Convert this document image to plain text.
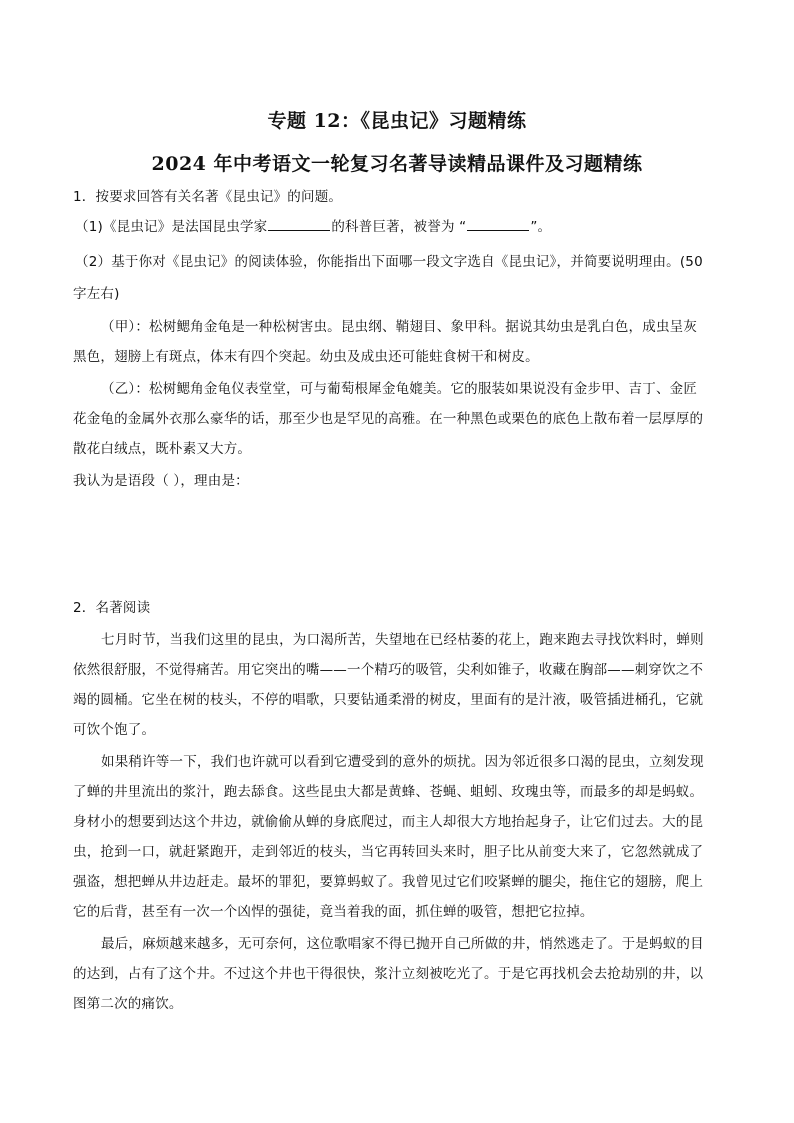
专题 12：《昆虫记》习题精练
2024 年中考语文一轮复习名著导读精品课件及习题精练
1．按要求回答有关名著《昆虫记》的问题。
（1)《昆虫记》是法国昆虫学家	的科普巨著，被誉为 “	”。
（2）基于你对《昆虫记》的阅读体验，你能指出下面哪一段文字选自《昆虫记》，并简要说明理由。(50
字左右)
（甲）：松树鳃角金龟是一种松树害虫。昆虫纲、鞘翅目、象甲科。据说其幼虫是乳白色，成虫呈灰
黑色，翅膀上有斑点，体末有四个突起。幼虫及成虫还可能蛀食树干和树皮。
（乙）：松树鳃角金龟仪表堂堂，可与葡萄根犀金龟媲美。它的服装如果说没有金步甲、吉丁、金匠
花金龟的金属外衣那么豪华的话，那至少也是罕见的高雅。在一种黑色或栗色的底色上散布着一层厚厚的
散花白绒点，既朴素又大方。
我认为是语段（ ），理由是：
2．名著阅读
七月时节，当我们这里的昆虫，为口渴所苦，失望地在已经枯萎的花上，跑来跑去寻找饮料时，蝉则
依然很舒服，不觉得痛苦。用它突出的嘴——一个精巧的吸管，尖利如锥子，收藏在胸部——刺穿饮之不
竭的圆桶。它坐在树的枝头，不停的唱歌，只要钻通柔滑的树皮，里面有的是汁液，吸管插进桶孔，它就
可饮个饱了。
如果稍许等一下，我们也许就可以看到它遭受到的意外的烦扰。因为邻近很多口渴的昆虫，立刻发现
了蝉的井里流出的浆汁，跑去舔食。这些昆虫大都是黄蜂、苍蝇、蛆蚓、玫瑰虫等，而最多的却是蚂蚁。
身材小的想要到达这个井边，就偷偷从蝉的身底爬过，而主人却很大方地抬起身子，让它们过去。大的昆
虫，抢到一口，就赶紧跑开，走到邻近的枝头，当它再转回头来时，胆子比从前变大来了，它忽然就成了
强盗，想把蝉从井边赶走。最坏的罪犯，要算蚂蚁了。我曾见过它们咬紧蝉的腿尖，拖住它的翅膀，爬上
它的后背，甚至有一次一个凶悍的强徒，竟当着我的面，抓住蝉的吸管，想把它拉掉。
最后，麻烦越来越多，无可奈何，这位歌唱家不得已抛开自己所做的井，悄然逃走了。于是蚂蚁的目
的达到，占有了这个井。不过这个井也干得很快，浆汁立刻被吃光了。于是它再找机会去抢劫别的井，以
图第二次的痛饮。
